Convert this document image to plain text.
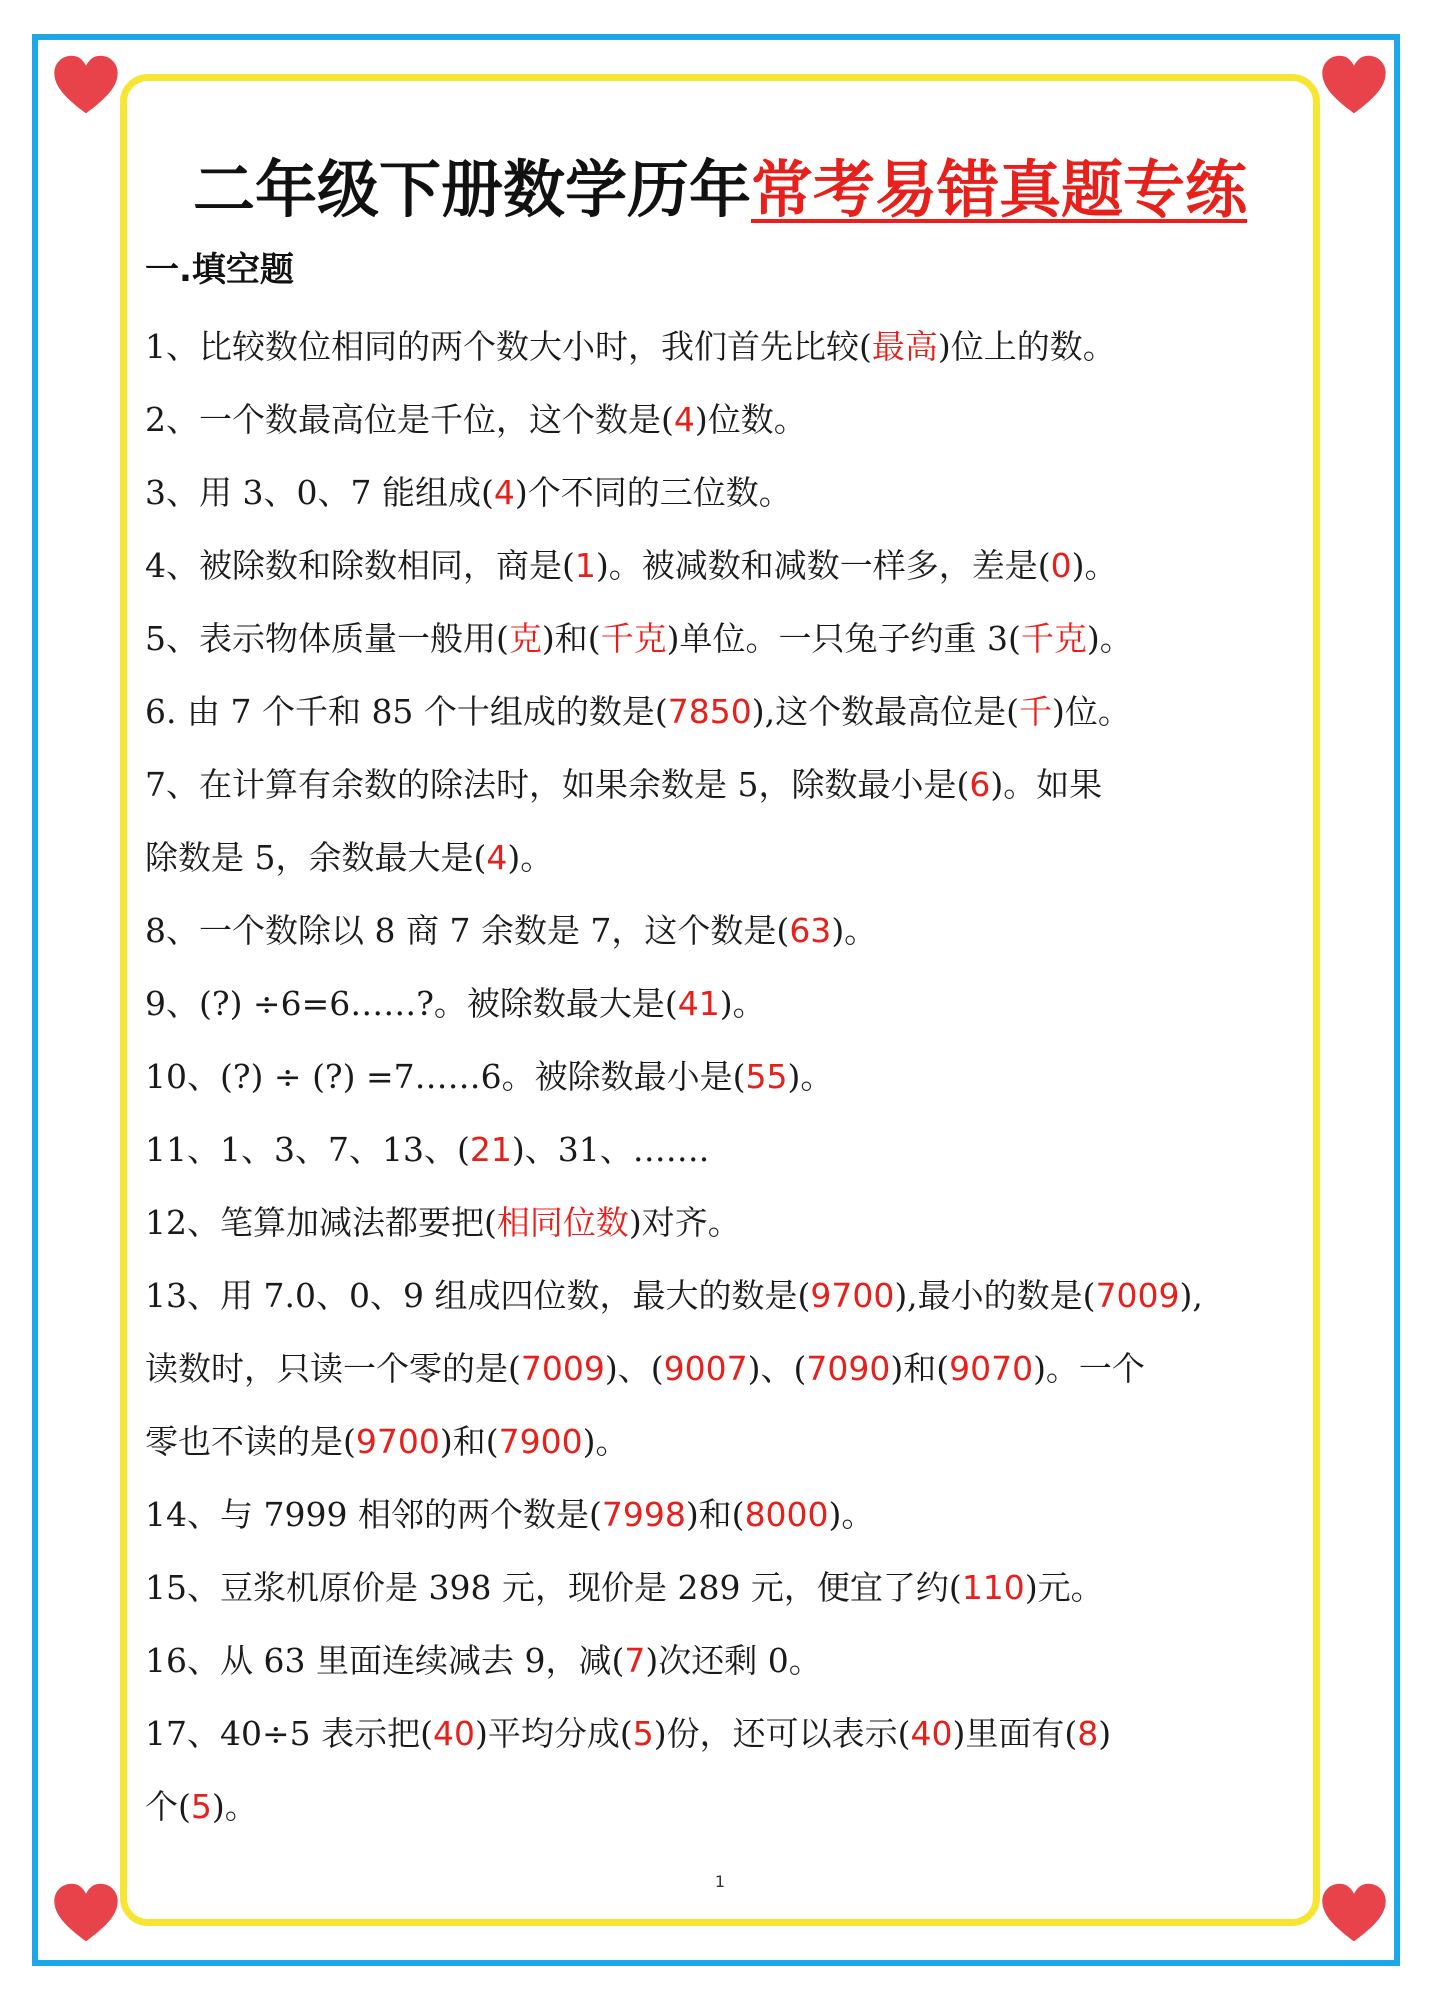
二年级下册数学历年常考易错真题专练
一.填空题
1、比较数位相同的两个数大小时，我们首先比较(最高)位上的数。
2、一个数最高位是千位，这个数是(4)位数。
3、用 3、0、7 能组成(4)个不同的三位数。
4、被除数和除数相同，商是(1)。被减数和减数一样多，差是(0)。
5、表示物体质量一般用(克)和(千克)单位。一只兔子约重 3(千克)。
6. 由 7 个千和 85 个十组成的数是(7850),这个数最高位是(千)位。
7、在计算有余数的除法时，如果余数是 5，除数最小是(6)。如果
除数是 5，余数最大是(4)。
8、一个数除以 8 商 7 余数是 7，这个数是(63)。
9、(?) ÷6=6……?。被除数最大是(41)。
10、(?) ÷ (?) =7……6。被除数最小是(55)。
11、1、3、7、13、(21)、31、…….
12、笔算加减法都要把(相同位数)对齐。
13、用 7.0、0、9 组成四位数，最大的数是(9700),最小的数是(7009),
读数时，只读一个零的是(7009)、(9007)、(7090)和(9070)。一个
零也不读的是(9700)和(7900)。
14、与 7999 相邻的两个数是(7998)和(8000)。
15、豆浆机原价是 398 元，现价是 289 元，便宜了约(110)元。
16、从 63 里面连续减去 9，减(7)次还剩 0。
17、40÷5 表示把(40)平均分成(5)份，还可以表示(40)里面有(8)
个(5)。
1
